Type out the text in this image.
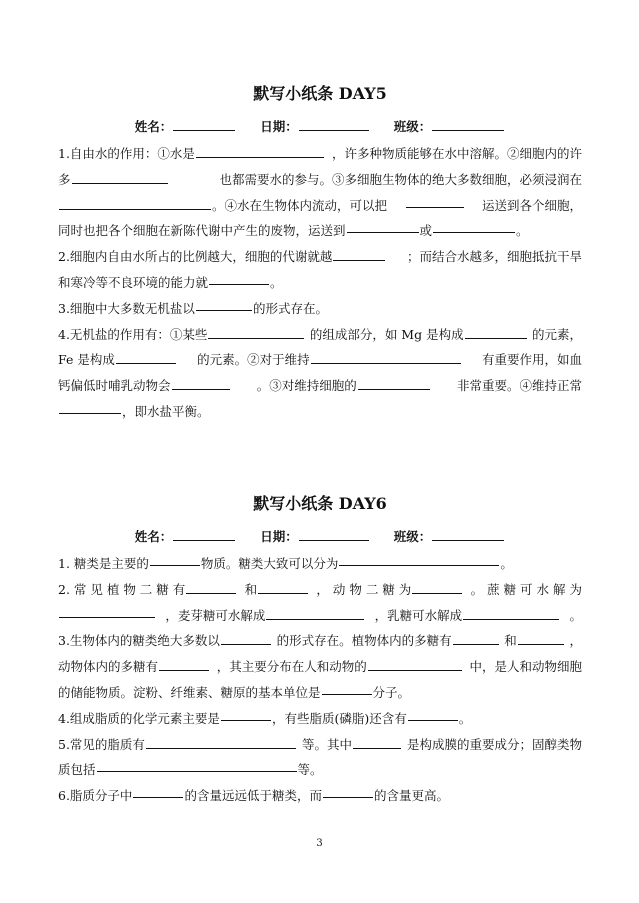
默写小纸条 DAY5
姓名：	日期：	班级：
1.自由水的作用：①水是	，许多种物质能够在水中溶解。②细胞内的许
多	也都需要水的参与。③多细胞生物体的绝大多数细胞，必须浸润在
。④水在生物体内流动，可以把	运送到各个细胞，
同时也把各个细胞在新陈代谢中产生的废物，运送到	或	。
2.细胞内自由水所占的比例越大，细胞的代谢就越	；而结合水越多，细胞抵抗干旱
和寒冷等不良环境的能力就	。
3.细胞中大多数无机盐以	的形式存在。
4.无机盐的作用有：①某些	的组成部分，如 Mg 是构成	的元素，
Fe 是构成	的元素。②对于维持	有重要作用，如血
钙偏低时哺乳动物会	。③对维持细胞的	非常重要。④维持正常
，即水盐平衡。
默写小纸条 DAY6
姓名：	日期：	班级：
1. 糖类是主要的	物质。糖类大致可以分为	。
2. 常 见 植 物 二 糖 有	和	， 动 物 二 糖 为	。 蔗 糖 可 水 解 为
，麦芽糖可水解成	，乳糖可水解成	。
3.生物体内的糖类绝大多数以	的形式存在。植物体内的多糖有	和	，
动物体内的多糖有	，其主要分布在人和动物的	中，是人和动物细胞
的储能物质。淀粉、纤维素、糖原的基本单位是	分子。
4.组成脂质的化学元素主要是	，有些脂质(磷脂)还含有	。
5.常见的脂质有	等。其中	是构成膜的重要成分；固醇类物
质包括	等。
6.脂质分子中	的含量远远低于糖类，而	的含量更高。
3
